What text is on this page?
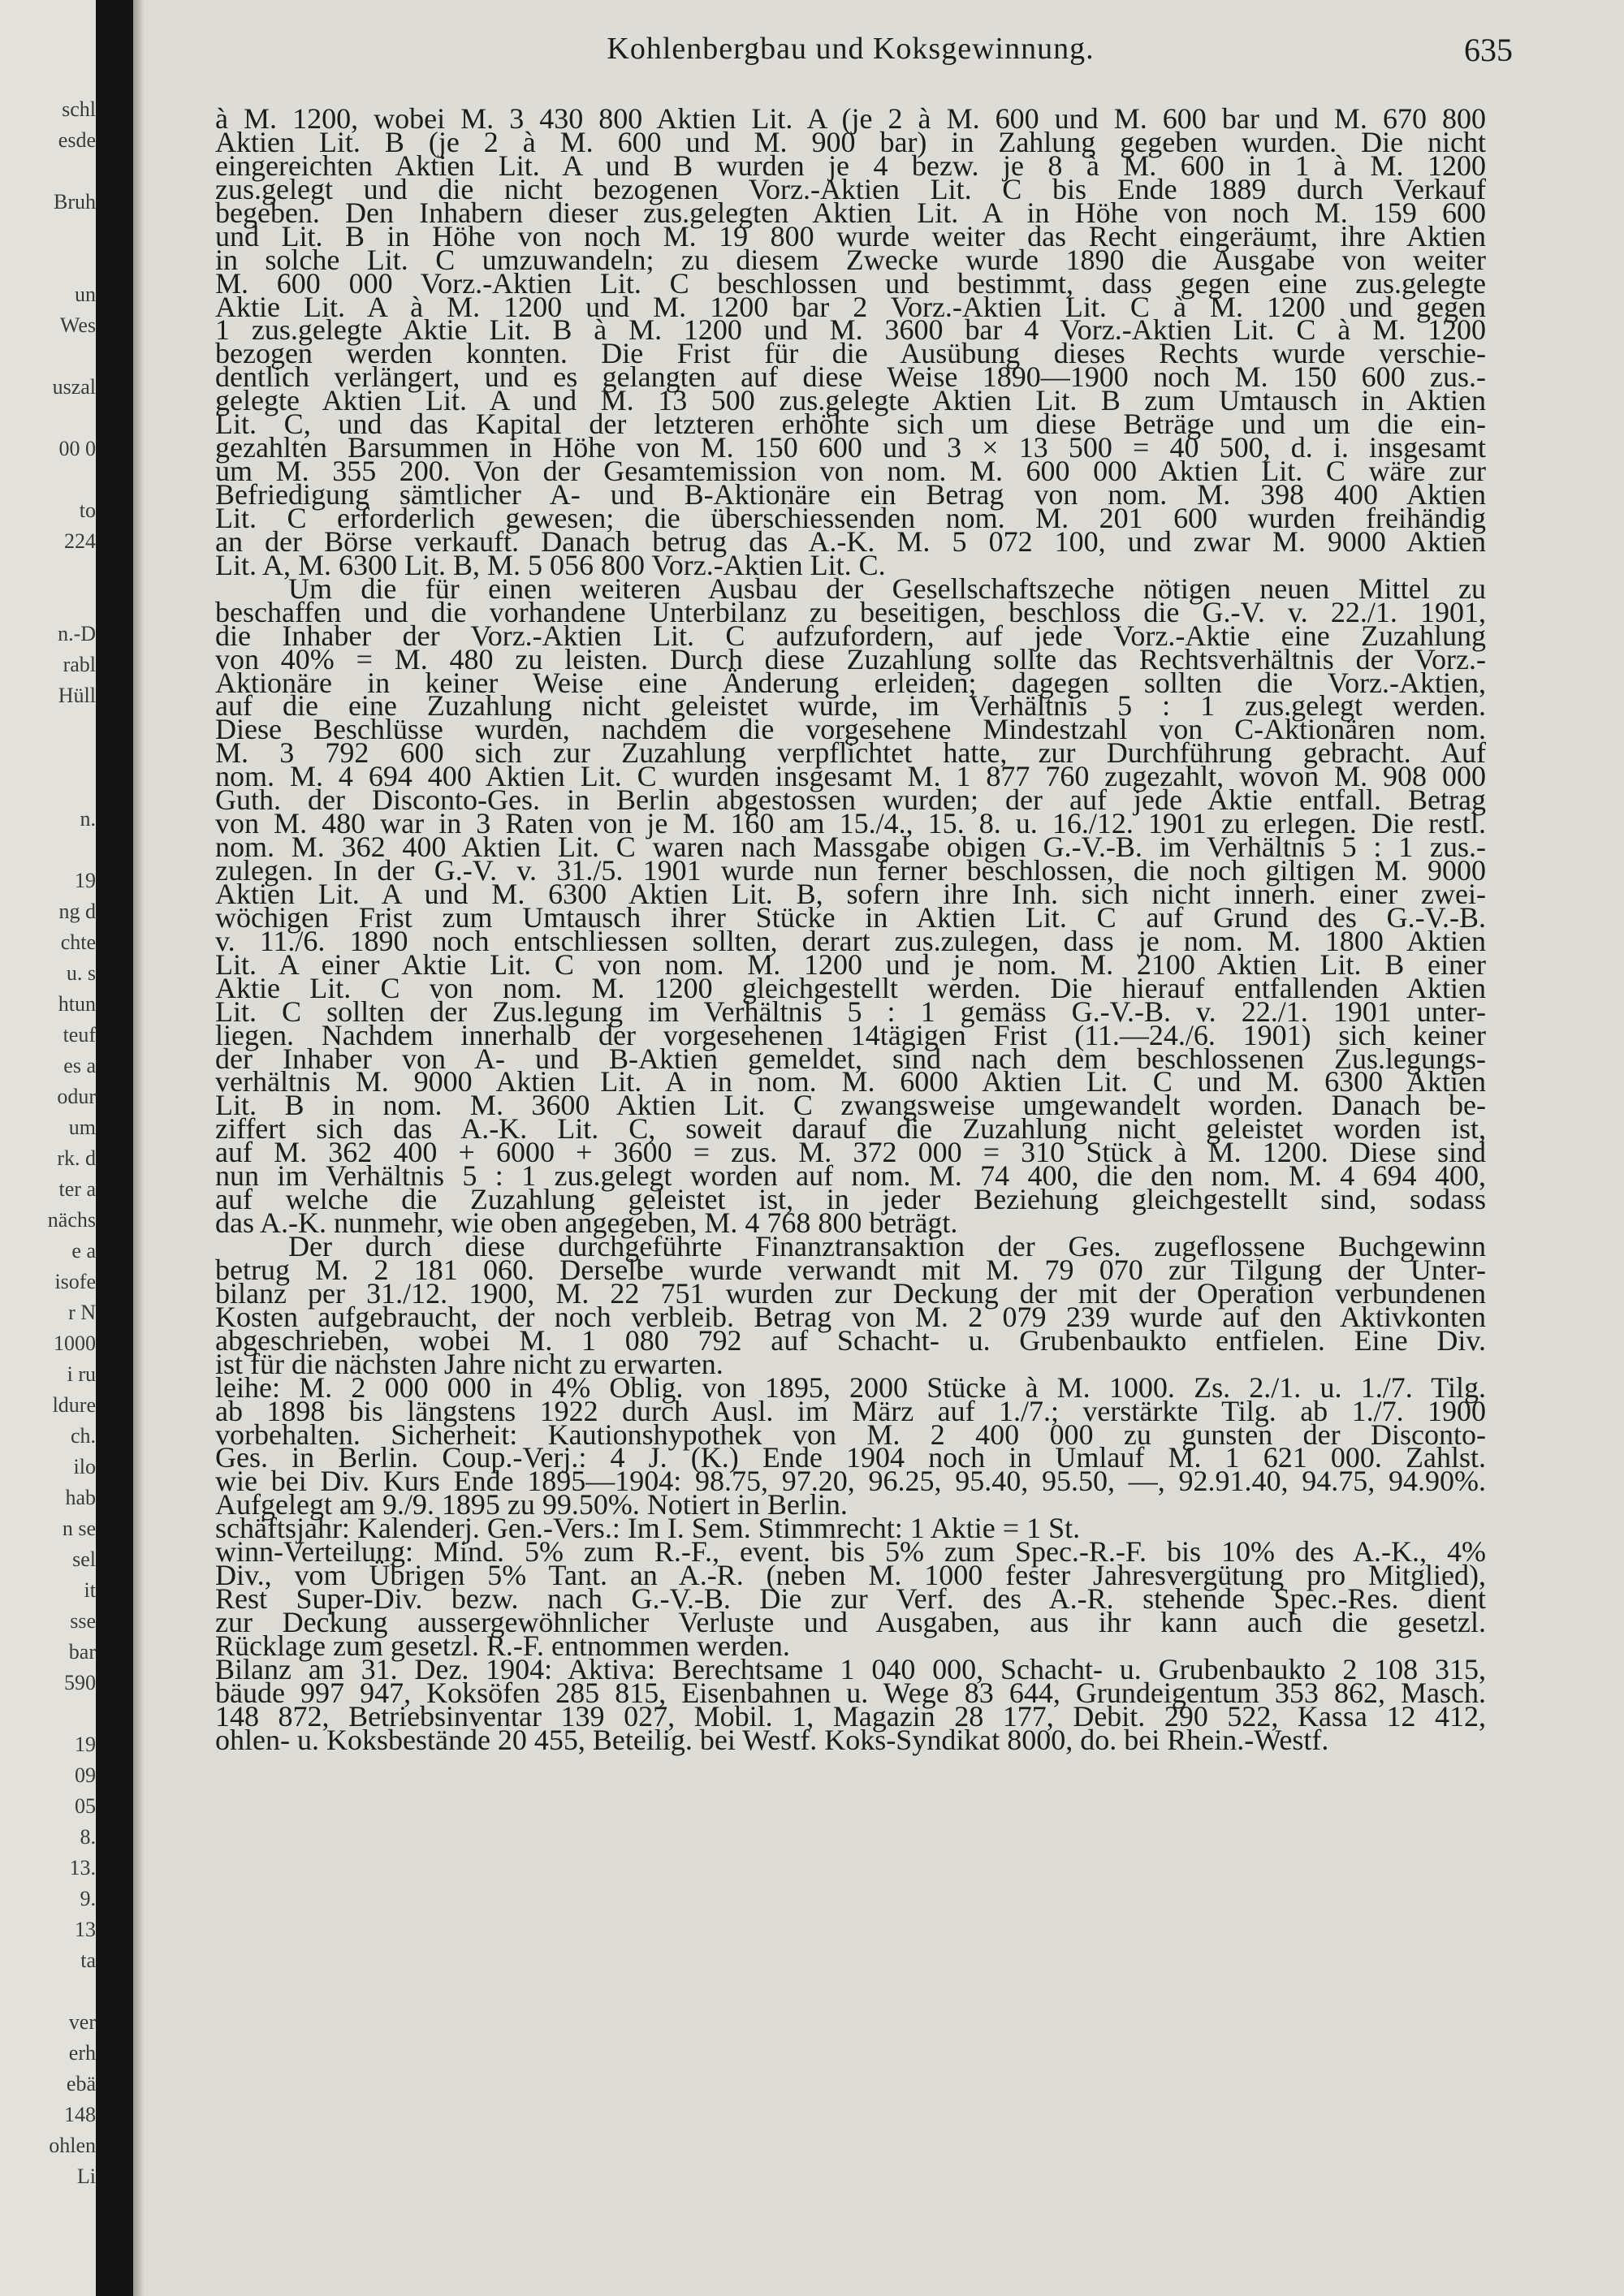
schl
esde
Bruh
un
Wes
uszal
00 0
to
224
n.-D
rabl
Hüll
n.
19
ng d
chte
u. s
htun
teuf
es a
odur
um
rk. d
ter a
nächs
e a
isofe
r N
1000
i ru
ldure
ch.
ilo
hab
n se
sel
it
sse
bar
590
19
09
05
8.
13.
9.
13
ta
ver
erh
ebä
148
ohlen
Li
Kohlenbergbau und Koksgewinnung.	635
à M. 1200, wobei M. 3 430 800 Aktien Lit. A (je 2 à M. 600 und M. 600 bar und M. 670 800
Aktien Lit. B (je 2 à M. 600 und M. 900 bar) in Zahlung gegeben wurden. Die nicht
eingereichten Aktien Lit. A und B wurden je 4 bezw. je 8 à M. 600 in 1 à M. 1200
zus.gelegt und die nicht bezogenen Vorz.-Aktien Lit. C bis Ende 1889 durch Verkauf
begeben. Den Inhabern dieser zus.gelegten Aktien Lit. A in Höhe von noch M. 159 600
und Lit. B in Höhe von noch M. 19 800 wurde weiter das Recht eingeräumt, ihre Aktien
in solche Lit. C umzuwandeln; zu diesem Zwecke wurde 1890 die Ausgabe von weiter
M. 600 000 Vorz.-Aktien Lit. C beschlossen und bestimmt, dass gegen eine zus.gelegte
Aktie Lit. A à M. 1200 und M. 1200 bar 2 Vorz.-Aktien Lit. C à M. 1200 und gegen
1 zus.gelegte Aktie Lit. B à M. 1200 und M. 3600 bar 4 Vorz.-Aktien Lit. C à M. 1200
bezogen werden konnten. Die Frist für die Ausübung dieses Rechts wurde verschie-
dentlich verlängert, und es gelangten auf diese Weise 1890—1900 noch M. 150 600 zus.-
gelegte Aktien Lit. A und M. 13 500 zus.gelegte Aktien Lit. B zum Umtausch in Aktien
Lit. C, und das Kapital der letzteren erhöhte sich um diese Beträge und um die ein-
gezahlten Barsummen in Höhe von M. 150 600 und 3 × 13 500 = 40 500, d. i. insgesamt
um M. 355 200. Von der Gesamtemission von nom. M. 600 000 Aktien Lit. C wäre zur
Befriedigung sämtlicher A- und B-Aktionäre ein Betrag von nom. M. 398 400 Aktien
Lit. C erforderlich gewesen; die überschiessenden nom. M. 201 600 wurden freihändig
an der Börse verkauft. Danach betrug das A.-K. M. 5 072 100, und zwar M. 9000 Aktien
Lit. A, M. 6300 Lit. B, M. 5 056 800 Vorz.-Aktien Lit. C.
Um die für einen weiteren Ausbau der Gesellschaftszeche nötigen neuen Mittel zu
beschaffen und die vorhandene Unterbilanz zu beseitigen, beschloss die G.-V. v. 22./1. 1901,
die Inhaber der Vorz.-Aktien Lit. C aufzufordern, auf jede Vorz.-Aktie eine Zuzahlung
von 40% = M. 480 zu leisten. Durch diese Zuzahlung sollte das Rechtsverhältnis der Vorz.-
Aktionäre in keiner Weise eine Änderung erleiden; dagegen sollten die Vorz.-Aktien,
auf die eine Zuzahlung nicht geleistet wurde, im Verhältnis 5 : 1 zus.gelegt werden.
Diese Beschlüsse wurden, nachdem die vorgesehene Mindestzahl von C-Aktionären nom.
M. 3 792 600 sich zur Zuzahlung verpflichtet hatte, zur Durchführung gebracht. Auf
nom. M. 4 694 400 Aktien Lit. C wurden insgesamt M. 1 877 760 zugezahlt, wovon M. 908 000
Guth. der Disconto-Ges. in Berlin abgestossen wurden; der auf jede Aktie entfall. Betrag
von M. 480 war in 3 Raten von je M. 160 am 15./4., 15. 8. u. 16./12. 1901 zu erlegen. Die restl.
nom. M. 362 400 Aktien Lit. C waren nach Massgabe obigen G.-V.-B. im Verhältnis 5 : 1 zus.-
zulegen. In der G.-V. v. 31./5. 1901 wurde nun ferner beschlossen, die noch giltigen M. 9000
Aktien Lit. A und M. 6300 Aktien Lit. B, sofern ihre Inh. sich nicht innerh. einer zwei-
wöchigen Frist zum Umtausch ihrer Stücke in Aktien Lit. C auf Grund des G.-V.-B.
v. 11./6. 1890 noch entschliessen sollten, derart zus.zulegen, dass je nom. M. 1800 Aktien
Lit. A einer Aktie Lit. C von nom. M. 1200 und je nom. M. 2100 Aktien Lit. B einer
Aktie Lit. C von nom. M. 1200 gleichgestellt werden. Die hierauf entfallenden Aktien
Lit. C sollten der Zus.legung im Verhältnis 5 : 1 gemäss G.-V.-B. v. 22./1. 1901 unter-
liegen. Nachdem innerhalb der vorgesehenen 14tägigen Frist (11.—24./6. 1901) sich keiner
der Inhaber von A- und B-Aktien gemeldet, sind nach dem beschlossenen Zus.legungs-
verhältnis M. 9000 Aktien Lit. A in nom. M. 6000 Aktien Lit. C und M. 6300 Aktien
Lit. B in nom. M. 3600 Aktien Lit. C zwangsweise umgewandelt worden. Danach be-
ziffert sich das A.-K. Lit. C, soweit darauf die Zuzahlung nicht geleistet worden ist,
auf M. 362 400 + 6000 + 3600 = zus. M. 372 000 = 310 Stück à M. 1200. Diese sind
nun im Verhältnis 5 : 1 zus.gelegt worden auf nom. M. 74 400, die den nom. M. 4 694 400,
auf welche die Zuzahlung geleistet ist, in jeder Beziehung gleichgestellt sind, sodass
das A.-K. nunmehr, wie oben angegeben, M. 4 768 800 beträgt.
Der durch diese durchgeführte Finanztransaktion der Ges. zugeflossene Buchgewinn
betrug M. 2 181 060. Derselbe wurde verwandt mit M. 79 070 zur Tilgung der Unter-
bilanz per 31./12. 1900, M. 22 751 wurden zur Deckung der mit der Operation verbundenen
Kosten aufgebraucht, der noch verbleib. Betrag von M. 2 079 239 wurde auf den Aktivkonten
abgeschrieben, wobei M. 1 080 792 auf Schacht- u. Grubenbaukto entfielen. Eine Div.
ist für die nächsten Jahre nicht zu erwarten.
leihe: M. 2 000 000 in 4% Oblig. von 1895, 2000 Stücke à M. 1000. Zs. 2./1. u. 1./7. Tilg.
ab 1898 bis längstens 1922 durch Ausl. im März auf 1./7.; verstärkte Tilg. ab 1./7. 1900
vorbehalten. Sicherheit: Kautionshypothek von M. 2 400 000 zu gunsten der Disconto-
Ges. in Berlin. Coup.-Verj.: 4 J. (K.) Ende 1904 noch in Umlauf M. 1 621 000. Zahlst.
wie bei Div. Kurs Ende 1895—1904: 98.75, 97.20, 96.25, 95.40, 95.50, —, 92.91.40, 94.75, 94.90%.
Aufgelegt am 9./9. 1895 zu 99.50%. Notiert in Berlin.
schäftsjahr: Kalenderj. Gen.-Vers.: Im I. Sem. Stimmrecht: 1 Aktie = 1 St.
winn-Verteilung: Mind. 5% zum R.-F., event. bis 5% zum Spec.-R.-F. bis 10% des A.-K., 4%
Div., vom Übrigen 5% Tant. an A.-R. (neben M. 1000 fester Jahresvergütung pro Mitglied),
Rest Super-Div. bezw. nach G.-V.-B. Die zur Verf. des A.-R. stehende Spec.-Res. dient
zur Deckung aussergewöhnlicher Verluste und Ausgaben, aus ihr kann auch die gesetzl.
Rücklage zum gesetzl. R.-F. entnommen werden.
Bilanz am 31. Dez. 1904: Aktiva: Berechtsame 1 040 000, Schacht- u. Grubenbaukto 2 108 315,
bäude 997 947, Koksöfen 285 815, Eisenbahnen u. Wege 83 644, Grundeigentum 353 862, Masch.
148 872, Betriebsinventar 139 027, Mobil. 1, Magazin 28 177, Debit. 290 522, Kassa 12 412,
ohlen- u. Koksbestände 20 455, Beteilig. bei Westf. Koks-Syndikat 8000, do. bei Rhein.-Westf.
